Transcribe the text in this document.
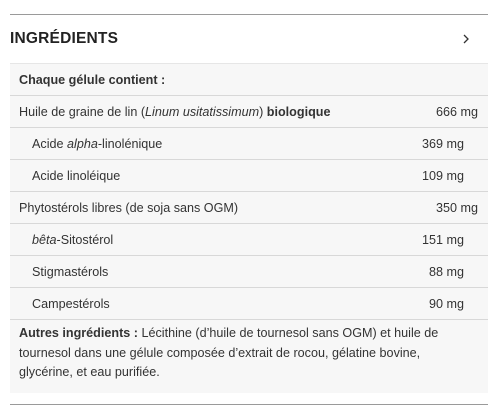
INGRÉDIENTS
Chaque gélule contient :
Huile de graine de lin (Linum usitatissimum) biologique	666 mg
Acide alpha-linolénique	369 mg
Acide linoléique	109 mg
Phytostérols libres (de soja sans OGM)	350 mg
bêta-Sitostérol	151 mg
Stigmastérols	88 mg
Campestérols	90 mg
Autres ingrédients : Lécithine (d’huile de tournesol sans OGM) et huile de tournesol dans une gélule composée d’extrait de rocou, gélatine bovine, glycérine, et eau purifiée.
